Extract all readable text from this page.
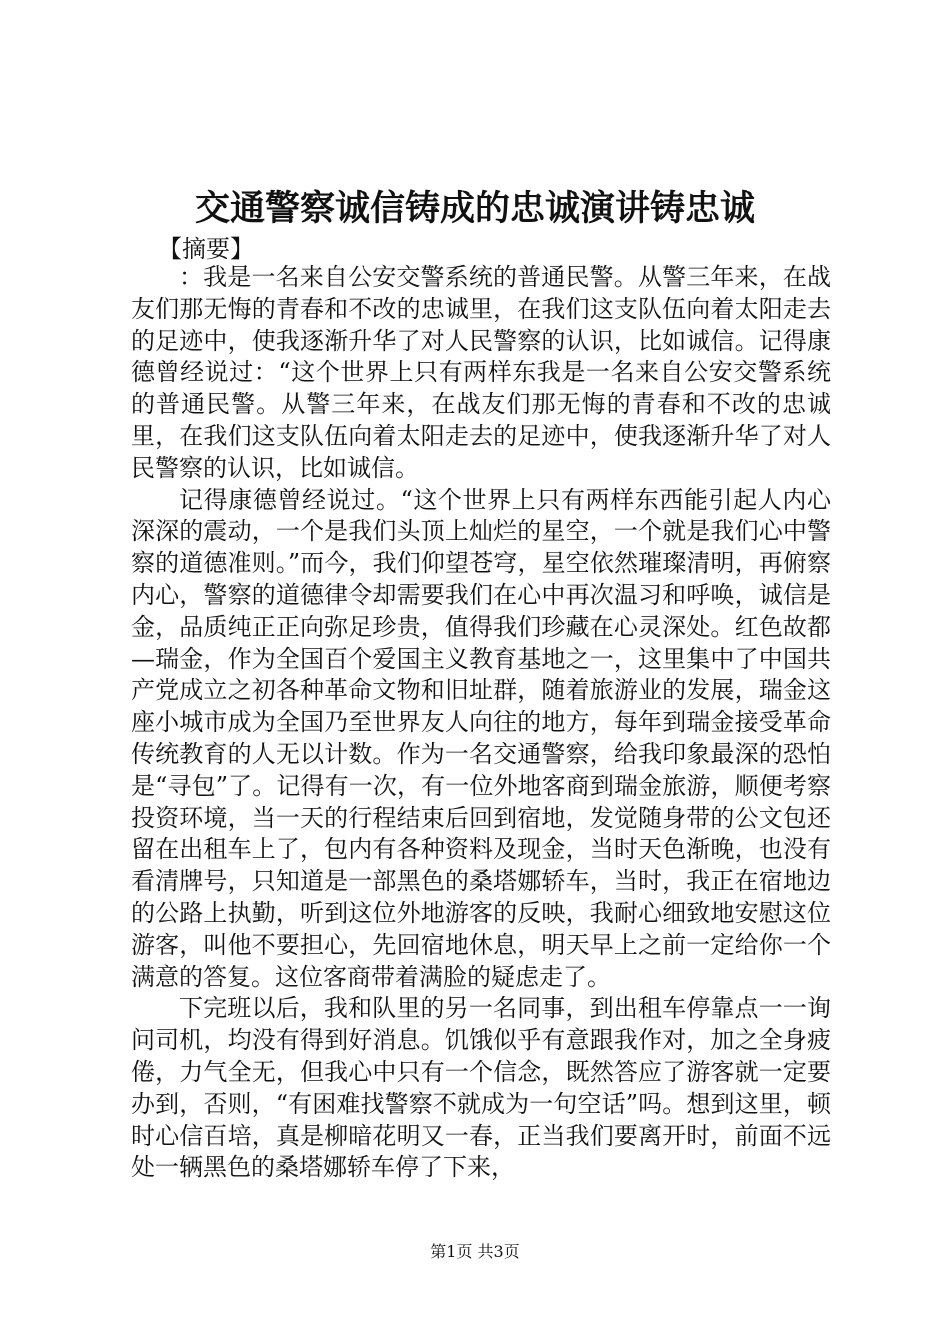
交通警察诚信铸成的忠诚演讲铸忠诚
【摘要】

：我是一名来自公安交警系统的普通民警。从警三年来，在战友们那无悔的青春和不改的忠诚里，在我们这支队伍向着太阳走去的足迹中，使我逐渐升华了对人民警察的认识，比如诚信。记得康德曾经说过：“这个世界上只有两样东我是一名来自公安交警系统的普通民警。从警三年来，在战友们那无悔的青春和不改的忠诚里，在我们这支队伍向着太阳走去的足迹中，使我逐渐升华了对人民警察的认识，比如诚信。

记得康德曾经说过。“这个世界上只有两样东西能引起人内心深深的震动，一个是我们头顶上灿烂的星空，一个就是我们心中警察的道德准则。”而今，我们仰望苍穹，星空依然璀璨清明，再俯察内心，警察的道德律令却需要我们在心中再次温习和呼唤，诚信是金，品质纯正正向弥足珍贵，值得我们珍藏在心灵深处。红色故都—瑞金，作为全国百个爱国主义教育基地之一，这里集中了中国共产党成立之初各种革命文物和旧址群，随着旅游业的发展，瑞金这座小城市成为全国乃至世界友人向往的地方，每年到瑞金接受革命传统教育的人无以计数。作为一名交通警察，给我印象最深的恐怕是“寻包”了。记得有一次，有一位外地客商到瑞金旅游，顺便考察投资环境，当一天的行程结束后回到宿地，发觉随身带的公文包还留在出租车上了，包内有各种资料及现金，当时天色渐晚，也没有看清牌号，只知道是一部黑色的桑塔娜轿车，当时，我正在宿地边的公路上执勤，听到这位外地游客的反映，我耐心细致地安慰这位游客，叫他不要担心，先回宿地休息，明天早上之前一定给你一个满意的答复。这位客商带着满脸的疑虑走了。

下完班以后，我和队里的另一名同事，到出租车停靠点一一询问司机，均没有得到好消息。饥饿似乎有意跟我作对，加之全身疲倦，力气全无，但我心中只有一个信念，既然答应了游客就一定要办到，否则，“有困难找警察不就成为一句空话”吗。想到这里，顿时心信百培，真是柳暗花明又一春，正当我们要离开时，前面不远处一辆黑色的桑塔娜轿车停了下来，

第1页 共3页
